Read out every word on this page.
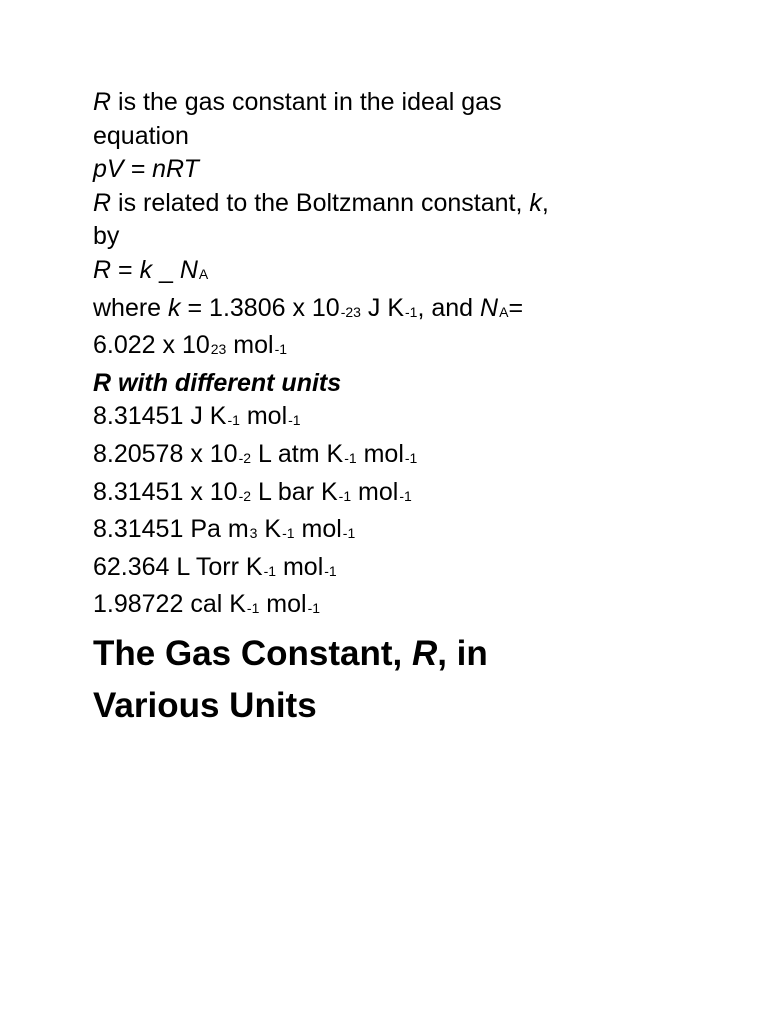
R is the gas constant in the ideal gas
equation
pV = nRT
R is related to the Boltzmann constant, k,
by
R = k _ NA
where k = 1.3806 x 10-23 J K-1, and NA=
6.022 x 1023 mol-1
R with different units
8.31451 J K-1 mol-1
8.20578 x 10-2 L atm K-1 mol-1
8.31451 x 10-2 L bar K-1 mol-1
8.31451 Pa m3 K-1 mol-1
62.364 L Torr K-1 mol-1
1.98722 cal K-1 mol-1
The Gas Constant, R, in
Various Units
